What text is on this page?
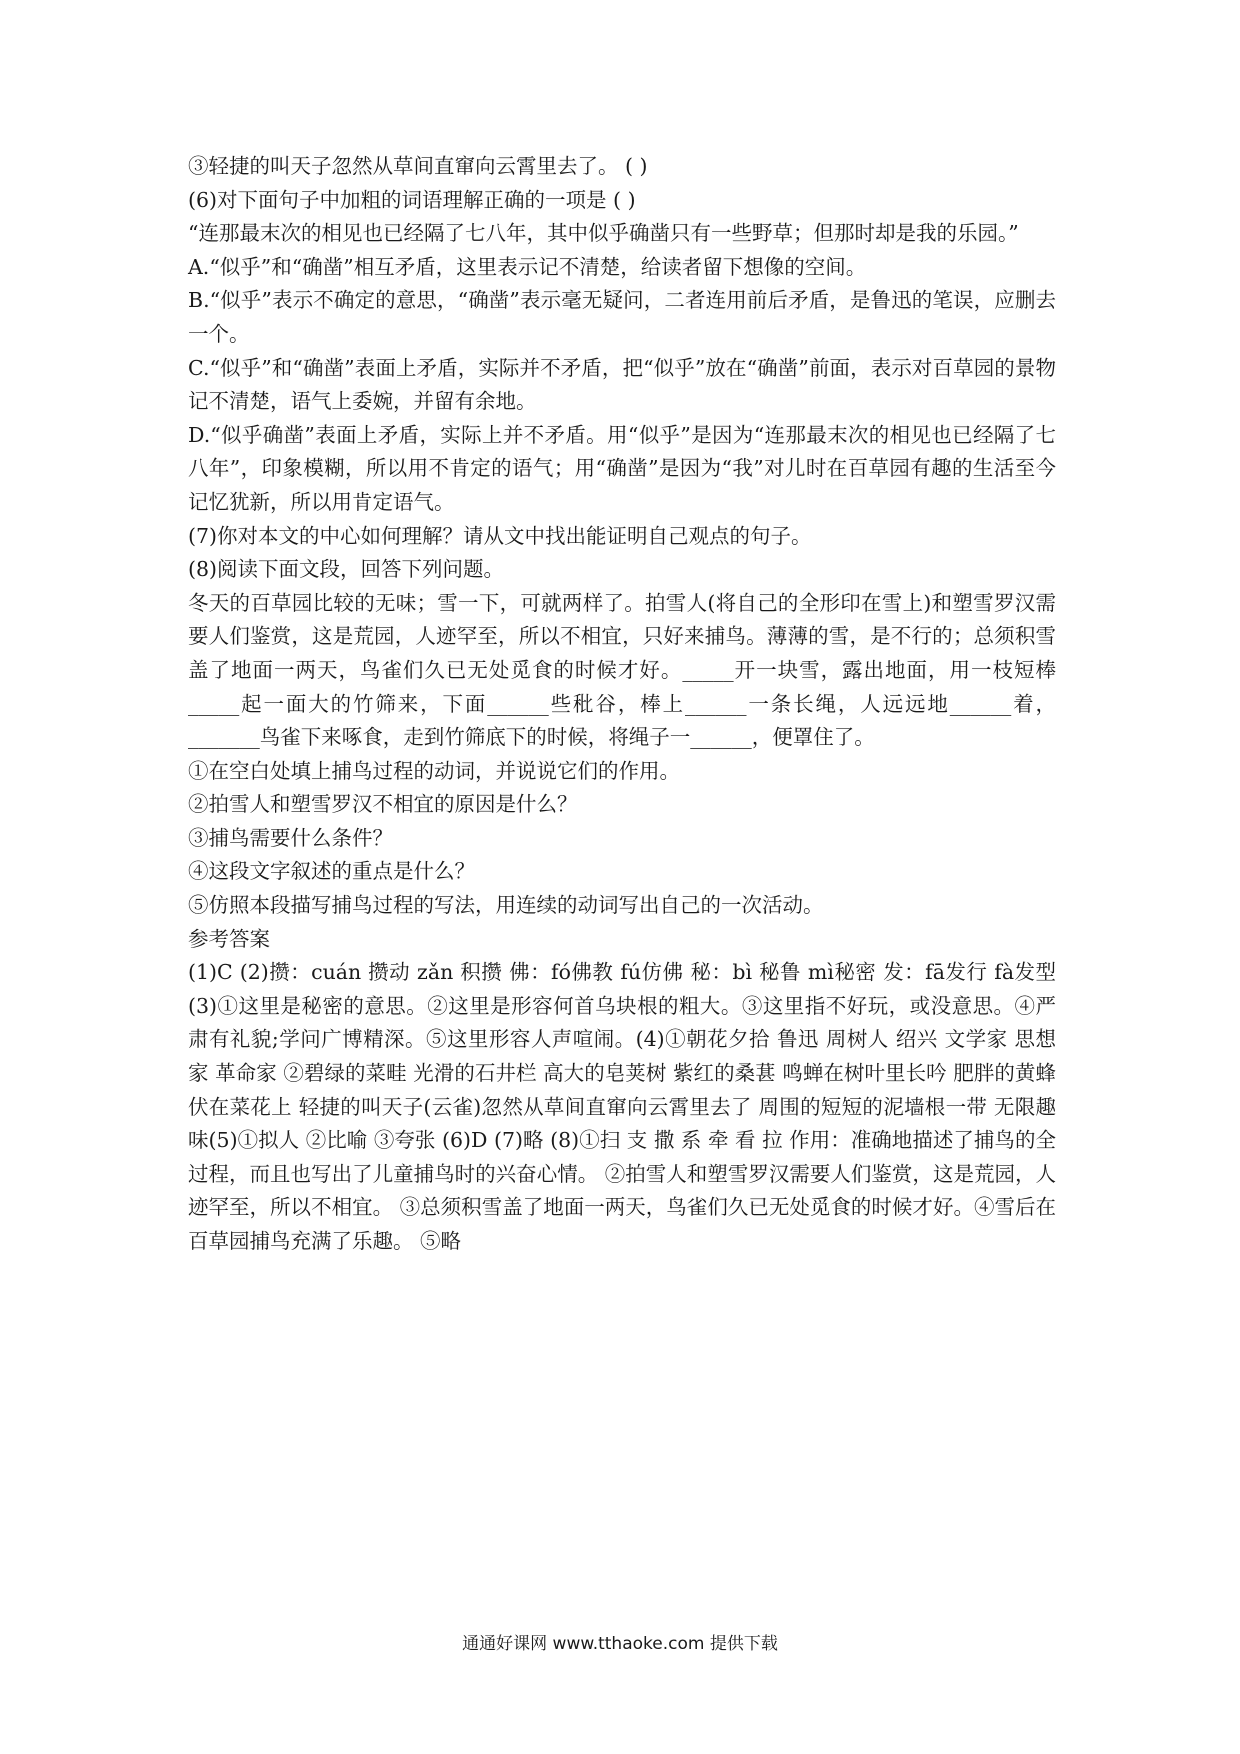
③轻捷的叫天子忽然从草间直窜向云霄里去了。 ( )

(6)对下面句子中加粗的词语理解正确的一项是 ( )

“连那最末次的相见也已经隔了七八年，其中似乎确凿只有一些野草；但那时却是我的乐园。”

A.“似乎”和“确凿”相互矛盾，这里表示记不清楚，给读者留下想像的空间。

B.“似乎”表示不确定的意思，“确凿”表示毫无疑问，二者连用前后矛盾，是鲁迅的笔误，应删去一个。

C.“似乎”和“确凿”表面上矛盾，实际并不矛盾，把“似乎”放在“确凿”前面，表示对百草园的景物记不清楚，语气上委婉，并留有余地。

D.“似乎确凿”表面上矛盾，实际上并不矛盾。用“似乎”是因为“连那最末次的相见也已经隔了七八年”，印象模糊，所以用不肯定的语气；用“确凿”是因为“我”对儿时在百草园有趣的生活至今记忆犹新，所以用肯定语气。

(7)你对本文的中心如何理解？请从文中找出能证明自己观点的句子。

(8)阅读下面文段，回答下列问题。

冬天的百草园比较的无味；雪一下，可就两样了。拍雪人(将自己的全形印在雪上)和塑雪罗汉需要人们鉴赏，这是荒园，人迹罕至，所以不相宜，只好来捕鸟。薄薄的雪，是不行的；总须积雪盖了地面一两天，鸟雀们久已无处觅食的时候才好。_____开一块雪，露出地面，用一枝短棒_____起一面大的竹筛来，下面______些秕谷，棒上______一条长绳，人远远地______着，_______鸟雀下来啄食，走到竹筛底下的时候，将绳子一______，便罩住了。

①在空白处填上捕鸟过程的动词，并说说它们的作用。

②拍雪人和塑雪罗汉不相宜的原因是什么？

③捕鸟需要什么条件？

④这段文字叙述的重点是什么？

⑤仿照本段描写捕鸟过程的写法，用连续的动词写出自己的一次活动。

参考答案

(1)C (2)攒：cuán 攒动 zǎn 积攒 佛：fó佛教 fú仿佛 秘：bì 秘鲁 mì秘密 发：fā发行 fà发型 (3)①这里是秘密的意思。②这里是形容何首乌块根的粗大。③这里指不好玩，或没意思。④严肃有礼貌;学问广博精深。⑤这里形容人声喧闹。(4)①朝花夕拾 鲁迅 周树人 绍兴 文学家 思想家 革命家 ②碧绿的菜畦 光滑的石井栏 高大的皂荚树 紫红的桑葚 鸣蝉在树叶里长吟 肥胖的黄蜂伏在菜花上 轻捷的叫天子(云雀)忽然从草间直窜向云霄里去了 周围的短短的泥墙根一带 无限趣味(5)①拟人 ②比喻 ③夸张 (6)D (7)略 (8)①扫 支 撒 系 牵 看 拉 作用：准确地描述了捕鸟的全过程，而且也写出了儿童捕鸟时的兴奋心情。 ②拍雪人和塑雪罗汉需要人们鉴赏，这是荒园，人迹罕至，所以不相宜。 ③总须积雪盖了地面一两天，鸟雀们久已无处觅食的时候才好。④雪后在百草园捕鸟充满了乐趣。 ⑤略

通通好课网 www.tthaoke.com 提供下载
